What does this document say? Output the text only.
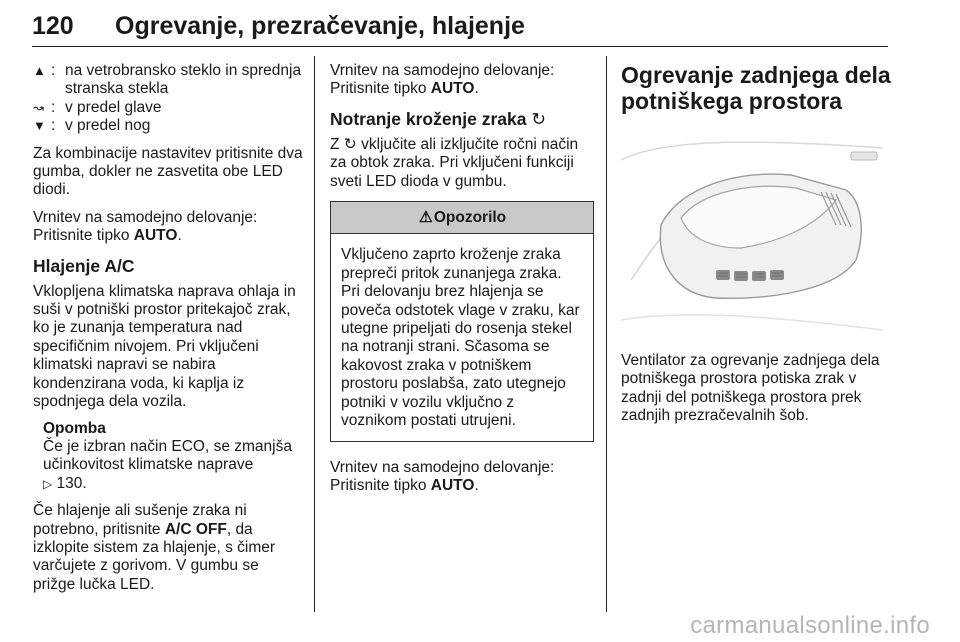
120 Ogrevanje, prezračevanje, hlajenje
▲ : na vetrobransko steklo in sprednja stranska stekla
↝ : v predel glave
▼ : v predel nog

Za kombinacije nastavitev pritisnite dva gumba, dokler ne zasvetita obe LED diodi.

Vrnitev na samodejno delovanje:
Pritisnite tipko AUTO.

Hlajenje A/C

Vklopljena klimatska naprava ohlaja in suši v potniški prostor pritekajoč zrak, ko je zunanja temperatura nad specifičnim nivojem. Pri vključeni klimatski napravi se nabira kondenzirana voda, ki kaplja iz spodnjega dela vozila.

Opomba
Če je izbran način ECO, se zmanjša učinkovitost klimatske naprave
▷ 130.

Če hlajenje ali sušenje zraka ni potrebno, pritisnite A/C OFF, da izklopite sistem za hlajenje, s čimer varčujete z gorivom. V gumbu se prižge lučka LED.

Vrnitev na samodejno delovanje:
Pritisnite tipko AUTO.

Notranje kroženje zraka ↻

Z ↻ vključite ali izključite ročni način za obtok zraka. Pri vključeni funkciji sveti LED dioda v gumbu.

⚠Opozorilo
Vključeno zaprto kroženje zraka prepreči pritok zunanjega zraka. Pri delovanju brez hlajenja se poveča odstotek vlage v zraku, kar utegne pripeljati do rosenja stekel na notranji strani. Sčasoma se kakovost zraka v potniškem prostoru poslabša, zato utegnejo potniki v vozilu vključno z voznikom postati utrujeni.

Vrnitev na samodejno delovanje:
Pritisnite tipko AUTO.

Ogrevanje zadnjega dela potniškega prostora

Ventilator za ogrevanje zadnjega dela potniškega prostora potiska zrak v zadnji del potniškega prostora prek zadnjih prezračevalnih šob.

carmanualsonline.info
